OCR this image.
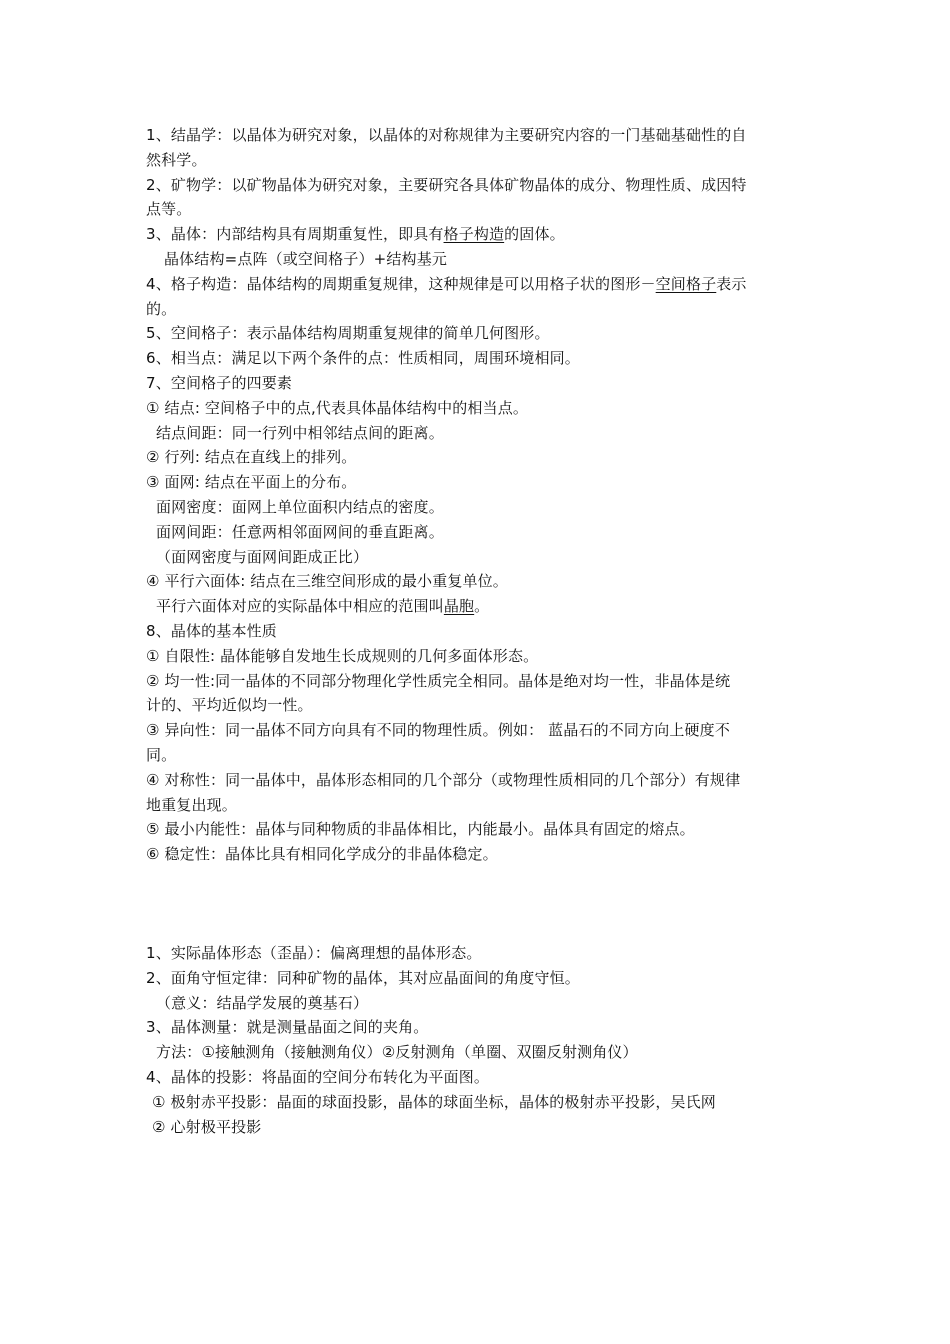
1、结晶学：以晶体为研究对象，以晶体的对称规律为主要研究内容的一门基础基础性的自
然科学。
2、矿物学：以矿物晶体为研究对象，主要研究各具体矿物晶体的成分、物理性质、成因特
点等。
3、晶体：内部结构具有周期重复性，即具有格子构造的固体。
晶体结构=点阵（或空间格子）+结构基元
4、格子构造：晶体结构的周期重复规律，这种规律是可以用格子状的图形－空间格子表示
的。
5、空间格子：表示晶体结构周期重复规律的简单几何图形。
6、相当点：满足以下两个条件的点：性质相同，周围环境相同。
7、空间格子的四要素
① 结点: 空间格子中的点,代表具体晶体结构中的相当点。
结点间距：同一行列中相邻结点间的距离。
② 行列: 结点在直线上的排列。
③ 面网: 结点在平面上的分布。
面网密度：面网上单位面积内结点的密度。
面网间距：任意两相邻面网间的垂直距离。
（面网密度与面网间距成正比）
④ 平行六面体: 结点在三维空间形成的最小重复单位。
平行六面体对应的实际晶体中相应的范围叫晶胞。
8、晶体的基本性质
① 自限性: 晶体能够自发地生长成规则的几何多面体形态。
② 均一性:同一晶体的不同部分物理化学性质完全相同。晶体是绝对均一性，非晶体是统
计的、平均近似均一性。
③ 异向性：同一晶体不同方向具有不同的物理性质。例如： 蓝晶石的不同方向上硬度不
同。
④ 对称性：同一晶体中，晶体形态相同的几个部分（或物理性质相同的几个部分）有规律
地重复出现。
⑤ 最小内能性：晶体与同种物质的非晶体相比，内能最小。晶体具有固定的熔点。
⑥ 稳定性：晶体比具有相同化学成分的非晶体稳定。
1、实际晶体形态（歪晶）：偏离理想的晶体形态。
2、面角守恒定律：同种矿物的晶体，其对应晶面间的角度守恒。
（意义：结晶学发展的奠基石）
3、晶体测量：就是测量晶面之间的夹角。
方法：①接触测角（接触测角仪）②反射测角（单圈、双圈反射测角仪）
4、晶体的投影：将晶面的空间分布转化为平面图。
① 极射赤平投影：晶面的球面投影，晶体的球面坐标，晶体的极射赤平投影，吴氏网
② 心射极平投影
